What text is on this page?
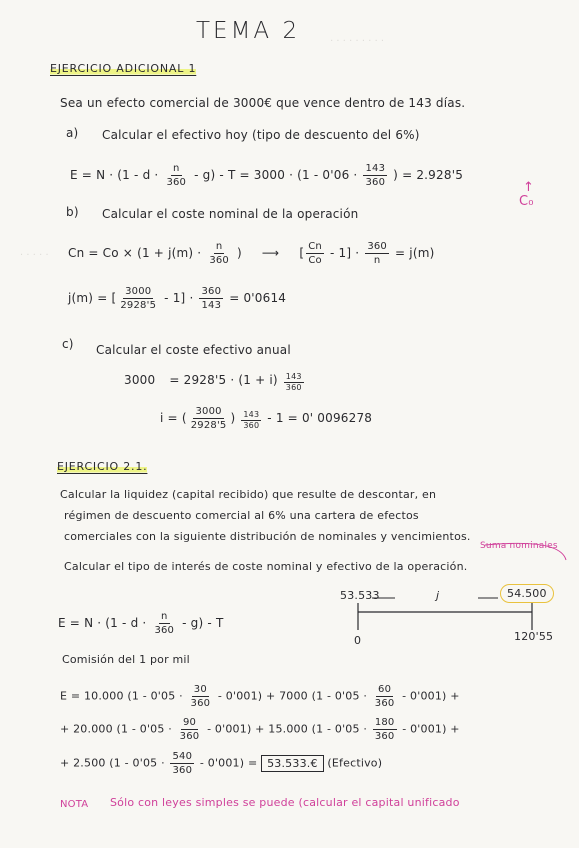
· · · · · · · · ·
· · · · ·
TEMA 2
EJERCICIO ADICIONAL 1
Sea un efecto comercial de 3000€ que vence dentro de 143 días.
a) Calcular el efectivo hoy (tipo de descuento del 6%)
$E = N \cdot (1 - d \cdot \frac{n}{360} - g) - T = 3000 \cdot (1 - 0'06 \cdot \frac{143}{360}$ ) = 2.928'5
↑
C₀
b) Calcular el coste nominal de la operación
$Cn = Co \times (1 + j(m) \cdot \frac{n}{360}$ ) ⟶ [ $\frac{Cn}{Co} - 1] \cdot \frac{360}{n} = j(m)$
j(m) = [ $\frac{3000}{2928'5} - 1] \cdot \frac{360}{143} = 0'0614$
c) Calcular el coste efectivo anual
$3000 = 2928'5 \cdot (1 + i) \frac{143}{360}$
i = ( $\frac{3000}{2928'5}$ ) $\frac{143}{360} - 1 = 0'$ 0096278
EJERCICIO 2.1.
Calcular la liquidez (capital recibido) que resulte de descontar, en
régimen de descuento comercial al 6% una cartera de efectos
comerciales con la siguiente distribución de nominales y vencimientos.
Calcular el tipo de interés de coste nominal y efectivo de la operación.
Suma nominales
$E = N \cdot (1 - d \cdot \frac{n}{360} - g) - T$
Comisión del 1 por mil
53.533	j	54.500
0	120'55
E = 10.000 $(1 - 0'05 \cdot \frac{30}{360} - 0'001) + 7000$ $(1 - 0'05 \cdot \frac{60}{360} - 0'001)$ +
+ 20.000 $(1 - 0'05 \cdot \frac{90}{360} - 0'001) + 15.000$ $(1 - 0'05 \cdot \frac{180}{360} - 0'001)$ +
+ 2.500 $(1 - 0'05 \cdot \frac{540}{360} - 0'001)$ = 53.533.€ (Efectivo)
NOTA Sólo con leyes simples se puede (calcular el capital unificado
